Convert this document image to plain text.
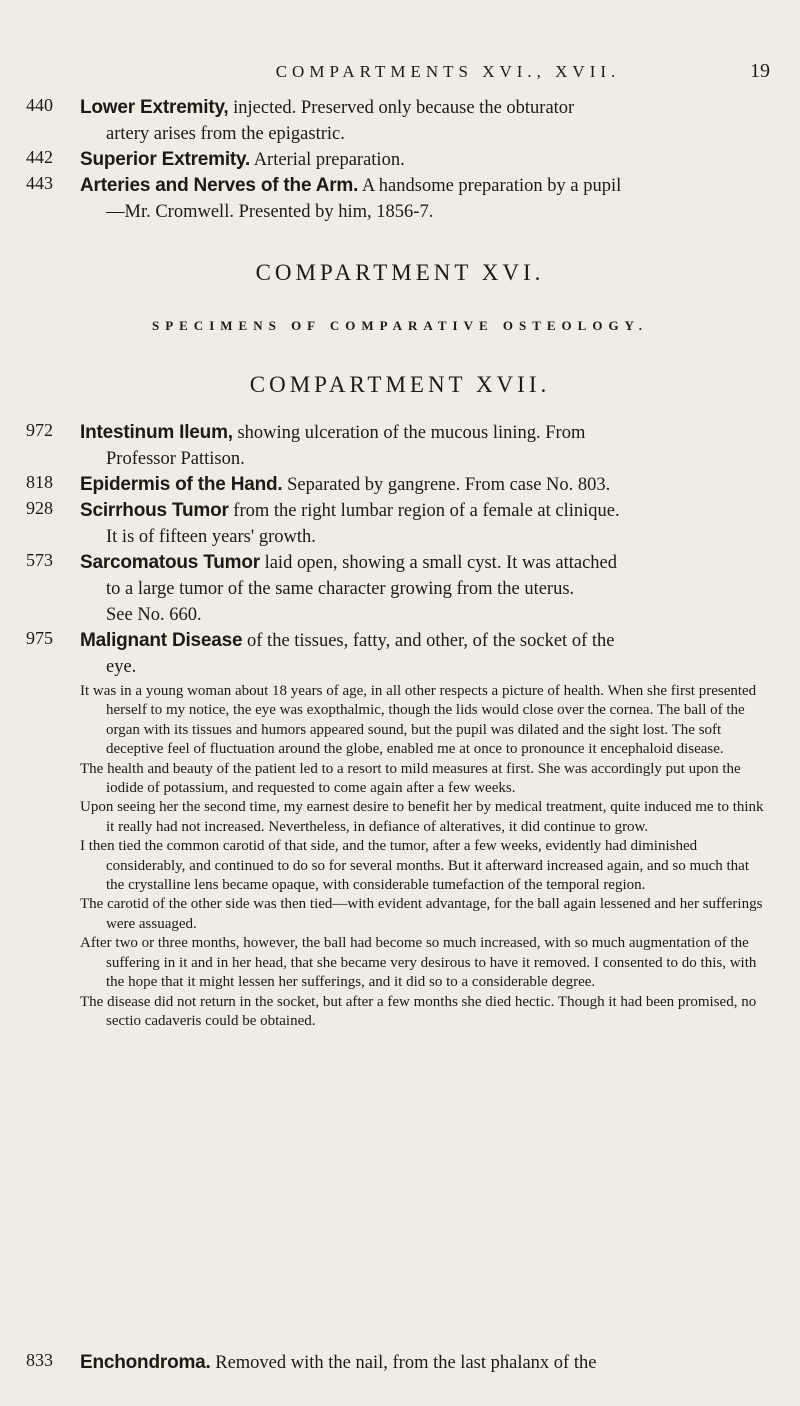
COMPARTMENTS XVI., XVII.	19
440	Lower Extremity, injected. Preserved only because the obturator
artery arises from the epigastric.
442	Superior Extremity. Arterial preparation.
443	Arteries and Nerves of the Arm. A handsome preparation by a pupil
—Mr. Cromwell. Presented by him, 1856-7.
COMPARTMENT XVI.
SPECIMENS OF COMPARATIVE OSTEOLOGY.
COMPARTMENT XVII.
972	Intestinum Ileum, showing ulceration of the mucous lining. From
Professor Pattison.
818	Epidermis of the Hand. Separated by gangrene. From case No. 803.
928	Scirrhous Tumor from the right lumbar region of a female at clinique.
It is of fifteen years' growth.
573	Sarcomatous Tumor laid open, showing a small cyst. It was attached
to a large tumor of the same character growing from the uterus.
See No. 660.
975	Malignant Disease of the tissues, fatty, and other, of the socket of the
eye.

It was in a young woman about 18 years of age, in all other respects a picture of health. When she first presented herself to my notice, the eye was exopthalmic, though the lids would close over the cornea. The ball of the organ with its tissues and humors appeared sound, but the pupil was dilated and the sight lost. The soft deceptive feel of fluctuation around the globe, enabled me at once to pronounce it encephaloid disease.

The health and beauty of the patient led to a resort to mild measures at first. She was accordingly put upon the iodide of potassium, and requested to come again after a few weeks.

Upon seeing her the second time, my earnest desire to benefit her by medical treatment, quite induced me to think it really had not increased. Nevertheless, in defiance of alteratives, it did continue to grow.

I then tied the common carotid of that side, and the tumor, after a few weeks, evidently had diminished considerably, and continued to do so for several months. But it afterward increased again, and so much that the crystalline lens became opaque, with considerable tumefaction of the temporal region.

The carotid of the other side was then tied—with evident advantage, for the ball again lessened and her sufferings were assuaged.

After two or three months, however, the ball had become so much increased, with so much augmentation of the suffering in it and in her head, that she became very desirous to have it removed. I consented to do this, with the hope that it might lessen her sufferings, and it did so to a considerable degree.

The disease did not return in the socket, but after a few months she died hectic. Though it had been promised, no sectio cadaveris could be obtained.

833	Enchondroma. Removed with the nail, from the last phalanx of the
